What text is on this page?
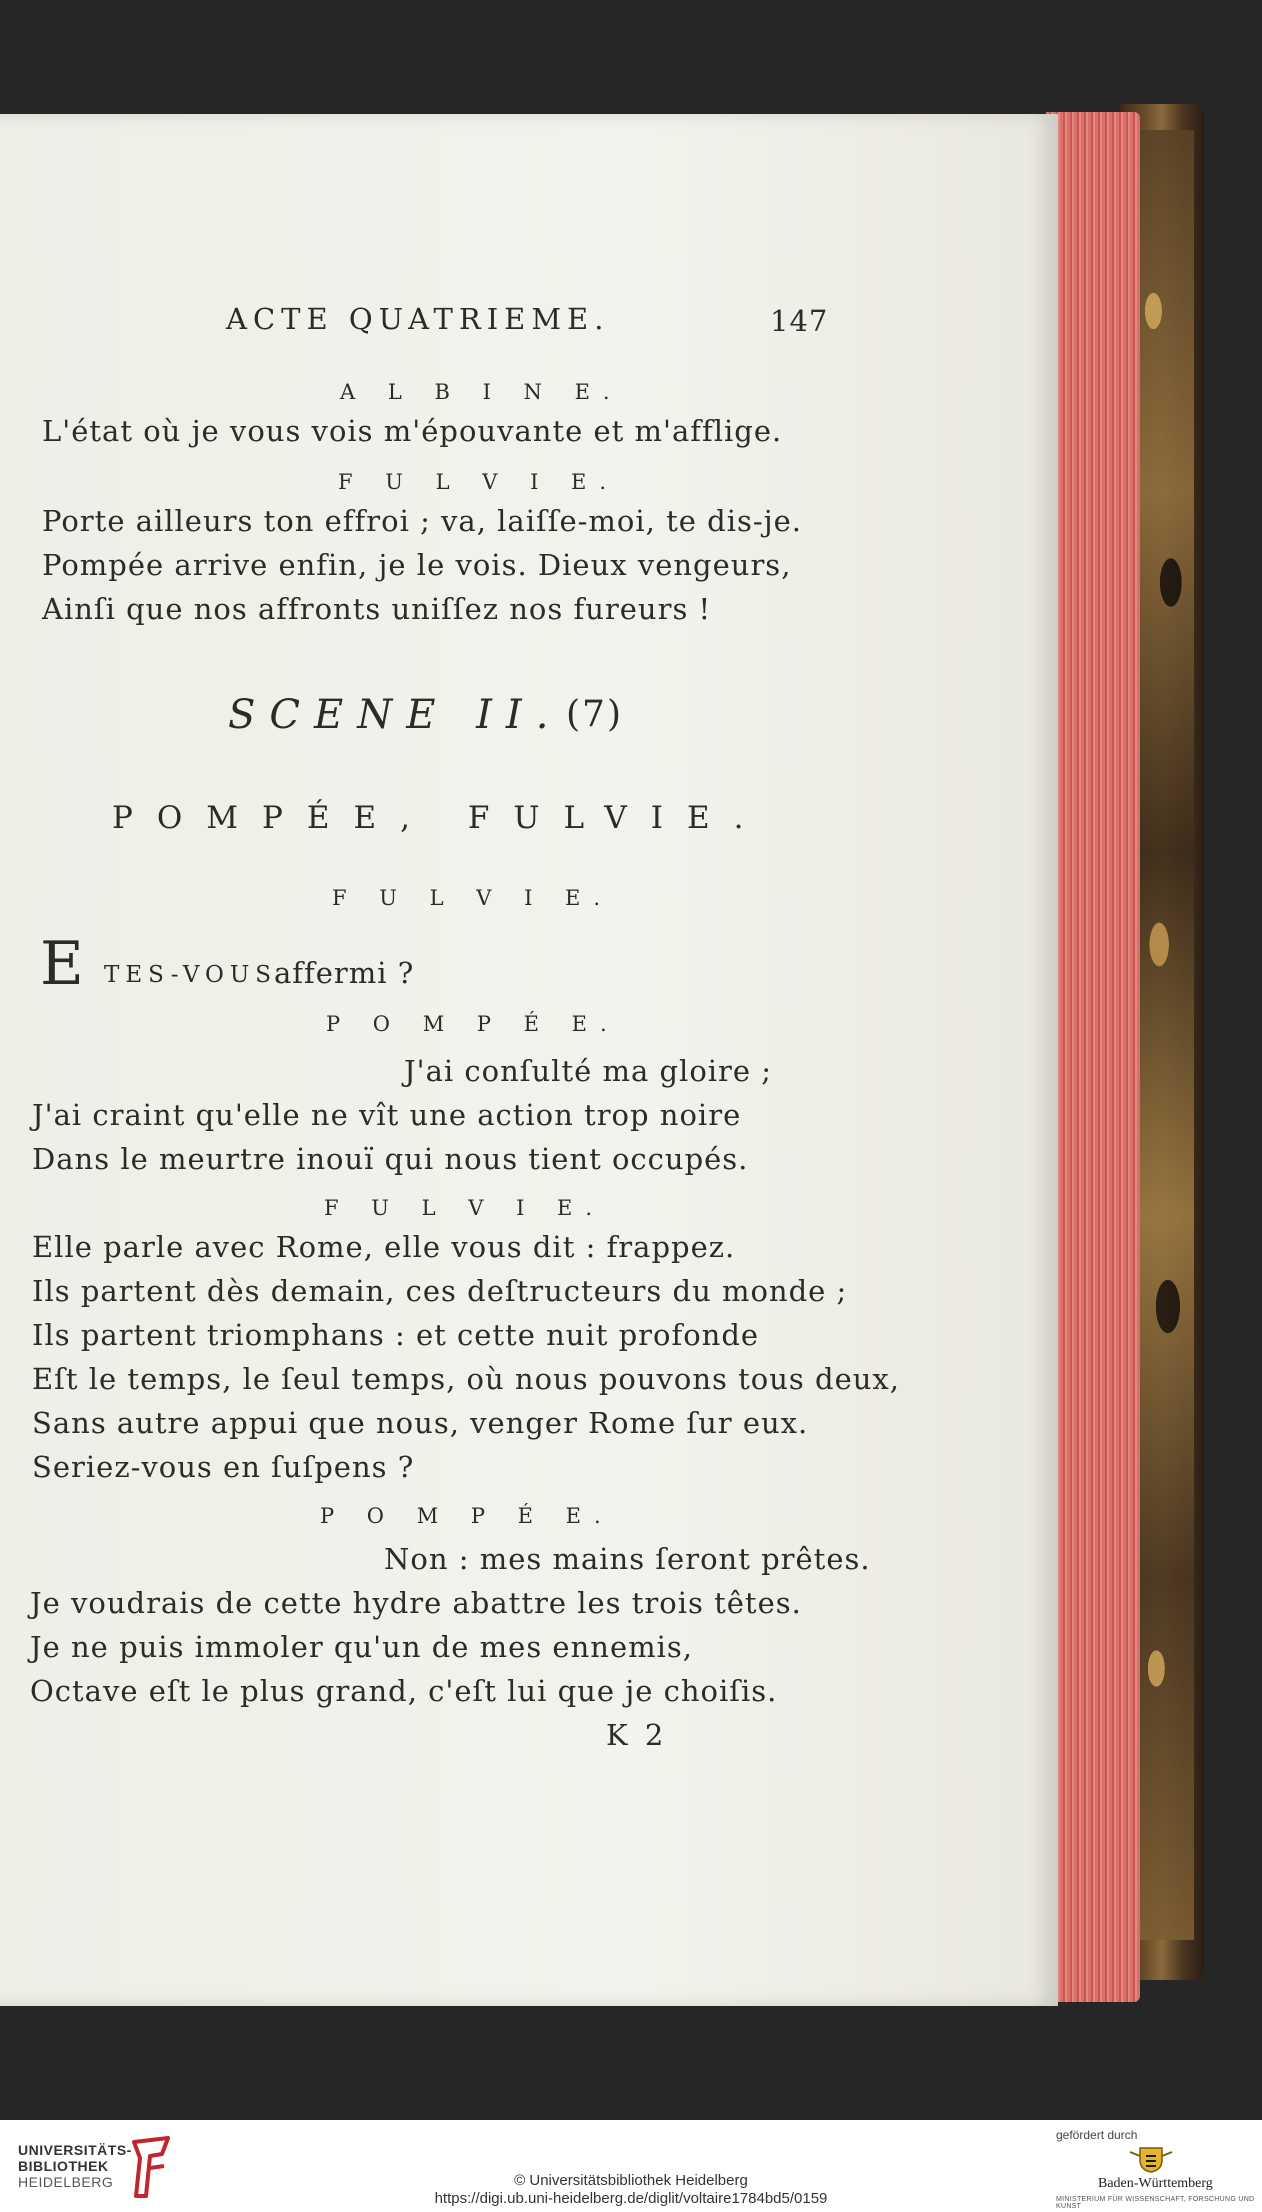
ACTE QUATRIEME.	147
A L B I N E.
L'état où je vous vois m'épouvante et m'afflige.
F U L V I E.
Porte ailleurs ton effroi ; va, laiſſe-moi, te dis-je.
Pompée arrive enfin, je le vois. Dieux vengeurs,
Ainſi que nos affronts uniſſez nos fureurs !
SCENE II. (7)
POMPÉE, FULVIE.
F U L V I E.
E TES-VOUS
affermi ?
P O M P É E.
J'ai conſulté ma gloire ;
J'ai craint qu'elle ne vît une action trop noire
Dans le meurtre inouï qui nous tient occupés.
F U L V I E.
Elle parle avec Rome, elle vous dit : frappez.
Ils partent dès demain, ces deſtructeurs du monde ;
Ils partent triomphans : et cette nuit profonde
Eſt le temps, le ſeul temps, où nous pouvons tous deux,
Sans autre appui que nous, venger Rome ſur eux.
Seriez-vous en ſuſpens ?
P O M P É E.
Non : mes mains ſeront prêtes.
Je voudrais de cette hydre abattre les trois têtes.
Je ne puis immoler qu'un de mes ennemis,
Octave eſt le plus grand, c'eſt lui que je choiſis.
K 2
UNIVERSITÄTS-
BIBLIOTHEK
HEIDELBERG	© Universitätsbibliothek Heidelberg
https://digi.ub.uni-heidelberg.de/diglit/voltaire1784bd5/0159
gefördert durch
Baden-Württemberg
MINISTERIUM FÜR WISSENSCHAFT, FORSCHUNG UND KUNST
